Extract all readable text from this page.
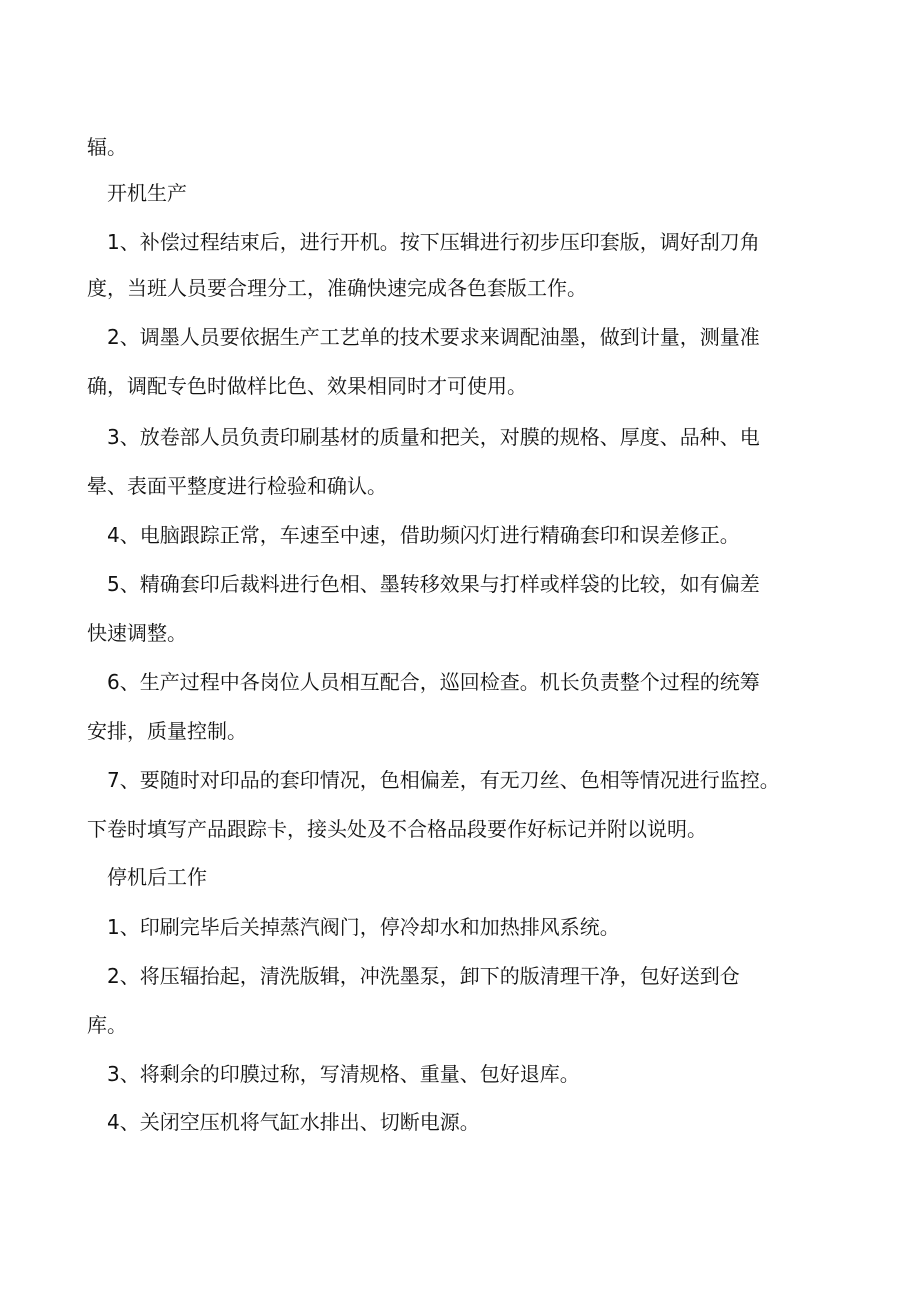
辐。
开机生产
1、补偿过程结束后，进行开机。按下压辑进行初步压印套版，调好刮刀角
度，当班人员要合理分工，准确快速完成各色套版工作。
2、调墨人员要依据生产工艺单的技术要求来调配油墨，做到计量，测量准
确，调配专色时做样比色、效果相同时才可使用。
3、放卷部人员负责印刷基材的质量和把关，对膜的规格、厚度、品种、电
晕、表面平整度进行检验和确认。
4、电脑跟踪正常，车速至中速，借助频闪灯进行精确套印和误差修正。
5、精确套印后裁料进行色相、墨转移效果与打样或样袋的比较，如有偏差
快速调整。
6、生产过程中各岗位人员相互配合，巡回检查。机长负责整个过程的统筹
安排，质量控制。
7、要随时对印品的套印情况，色相偏差，有无刀丝、色相等情况进行监控。
下卷时填写产品跟踪卡，接头处及不合格品段要作好标记并附以说明。
停机后工作
1、印刷完毕后关掉蒸汽阀门，停冷却水和加热排风系统。
2、将压辐抬起，清洗版辑，冲洗墨泵，卸下的版清理干净，包好送到仓
库。
3、将剩余的印膜过称，写清规格、重量、包好退库。
4、关闭空压机将气缸水排出、切断电源。
